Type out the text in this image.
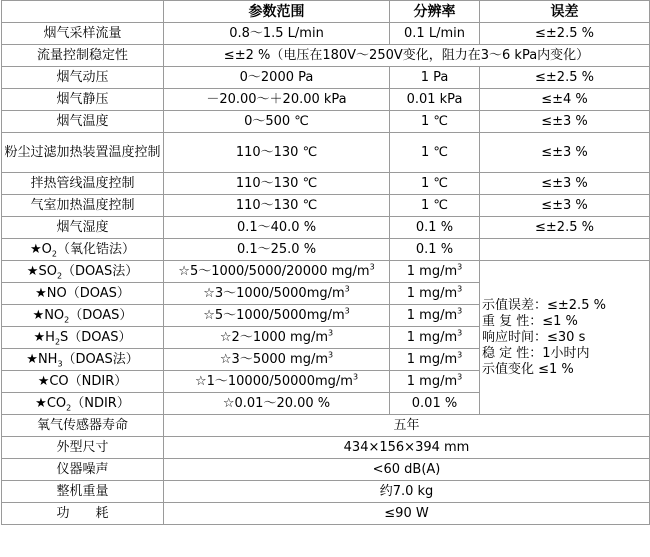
	参数范围	分辨率	误差
烟气采样流量	0.8～1.5 L/min	0.1 L/min	≤±2.5 %
流量控制稳定性	≤±2 %（电压在180V～250V变化，阻力在3～6 kPa内变化）		
烟气动压	0～2000 Pa	1 Pa	≤±2.5 %
烟气静压	－20.00～＋20.00 kPa	0.01 kPa	≤±4 %
烟气温度	0～500 ℃	1 ℃	≤±3 %
粉尘过滤加热装置温度控制	110～130 ℃	1 ℃	≤±3 %
拌热管线温度控制	110～130 ℃	1 ℃	≤±3 %
气室加热温度控制	110～130 ℃	1 ℃	≤±3 %
烟气湿度	0.1～40.0 %	0.1 %	≤±2.5 %
$★O_2$（氧化锆法）	0.1～25.0 %	0.1 %	
$★SO_2(DOAS$法）	☆5～1000/5000/20000 $mg/m^3$	1 $mg/m^3$	示值误差：≤±2.5 %
重 复 性：≤1 %
响应时间：≤30 s
稳 定 性：1小时内
示值变化 ≤1 %

★NO（DOAS）	$☆3\sim 1000/5000mg/m^3$	1 $mg/m^3$
$★NO_2(DOAS)$	$☆5\sim 1000/5000mg/m^3$	1 $mg/m^3$
$★H_2S(DOAS)$	☆2～1000 $mg/m^3$	1 $mg/m^3$
$★NH_3(DOAS$法）	☆3～5000 $mg/m^3$	1 $mg/m^3$
★CO（NDIR）	$☆1\sim 10000/50000mg/m^3$	1 $mg/m^3$
$★CO_2(NDIR)$	☆0.01～20.00 %	0.01 %	
氧气传感器寿命	五年		
外型尺寸	434×156×394 mm		
仪器噪声	<60 dB(A)		
整机重量	约7.0 kg		
功　　耗	≤90 W		
